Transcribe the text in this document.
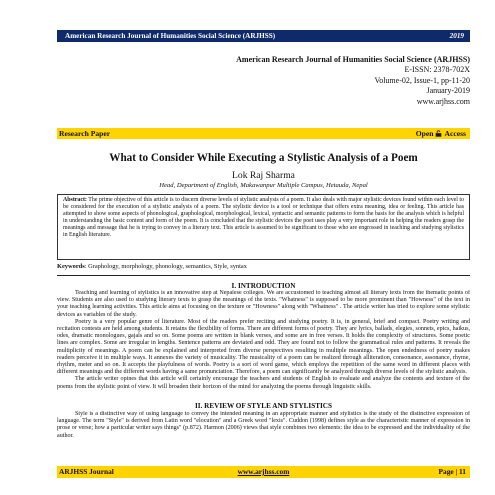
American Research Journal of Humanities Social Science (ARJHSS)	2019
American Research Journal of Humanities Social Science (ARJHSS)
E-ISSN: 2378-702X
Volume-02, Issue-1, pp-11-20
January-2019
www.arjhss.com
Research Paper	Open Access
What to Consider While Executing a Stylistic Analysis of a Poem
Lok Raj Sharma
Head, Department of English, Makawanpur Multiple Campus, Hetauda, Nepal
Abstract: The prime objective of this article is to discern diverse levels of stylistic analysis of a poem. It also deals with major stylistic devices found within each level to be considered for the execution of a stylistic analysis of a poem. The stylistic device is a tool or technique that offers extra meaning, idea or feeling. This article has attempted to show some aspects of phonological, graphological, morphological, lexical, syntactic and semantic patterns to form the basis for the analysis which is helpful in understanding the basic content and form of the poem. It is concluded that the stylistic devices the poet uses play a very important role in helping the readers grasp the meanings and message that he is trying to convey in a literary text. This article is assumed to be significant to those who are engrossed in teaching and studying stylistics in English literature.
Keywords: Graphology, morphology, phonology, semantics, Style, syntax
I. INTRODUCTION

Teaching and learning of stylistics is an innovative step at Nepalese colleges. We are accustomed to teaching almost all literary texts from the thematic points of view. Students are also used to studying literary texts to grasp the meanings of the texts. "Whatness" is supposed to be more prominent than "Howness" of the text in your teaching learning activities. This article aims at focusing on the texture or "Howness" along with "Whatness" . The article writer has tried to explore some stylistic devices as variables of the study.

Poetry is a very popular genre of literature. Most of the readers prefer reciting and studying poetry. It is, in general, brief and compact. Poetry writing and recitation contests are held among students. It retains the flexibility of forms. There are different forms of poetry. They are lyrics, ballads, elegies, sonnets, epics, haikus, odes, dramatic monologues, gajals and so on. Some poems are written in blank verses, and some are in free verses. It holds the complexity of structures. Some poetic lines are complex. Some are irregular in lengths. Sentence patterns are deviated and odd. They are found not to follow the grammatical rules and patterns. It reveals the multiplicity of meanings. A poem can be explained and interpreted from diverse perspectives resulting in multiple meanings. The open endedness of poetry makes readers perceive it in multiple ways. It annexes the variety of musicality. The musicality of a poem can be realized through alliteration, consonance, assonance, rhyme, rhythm, meter and so on. It accepts the playfulness of words. Poetry is a sort of word game, which employs the repetition of the same word in different places with different meanings and the different words having a same pronunciation. Therefore, a poem can significantly be analyzed through diverse levels of the stylistic analysis.

The article writer opines that this article will certainly encourage the teachers and students of English to evaluate and analyze the contents and texture of the poems from the stylistic point of view. It will broaden their horizon of the mind for analyzing the poems through linguistic skills.

II. REVIEW OF STYLE AND STYLISTICS

Style is a distinctive way of using language to convey the intended meaning in an appropriate manner and stylistics is the study of the distinctive expression of language. The term "Style" is derived from Latin word "elocution" and a Greek word "lexis". Cuddon (1998) defines style as the characteristic manner of expression in prose or verse; how a particular writer says things" (p.872). Harmon (2006) views that style combines two elements: the idea to be expressed and the individuality of the author.

ARJHSS Journal	www.arjhss.com	Page | 11
